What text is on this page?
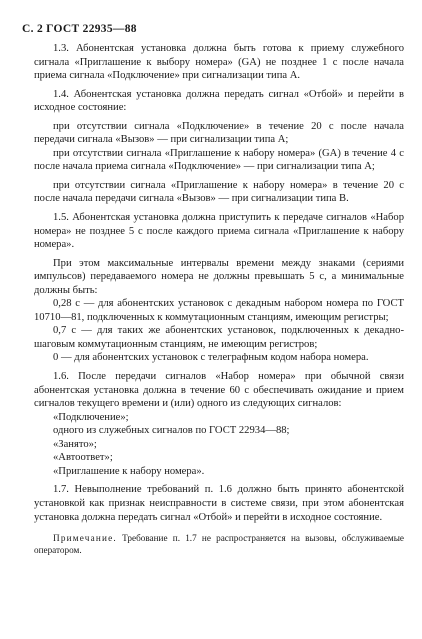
С. 2 ГОСТ 22935—88

1.3. Абонентская установка должна быть готова к приему служебного сигнала «Приглашение к выбору номера» (GA) не позднее 1 с после начала приема сигнала «Подключение» при сигнализации типа А.

1.4. Абонентская установка должна передать сигнал «Отбой» и перейти в исходное состояние:

при отсутствии сигнала «Подключение» в течение 20 с после начала передачи сигнала «Вызов» — при сигнализации типа А;

при отсутствии сигнала «Приглашение к набору номера» (GA) в течение 4 с после начала приема сигнала «Подключение» — при сигнализации типа А;

при отсутствии сигнала «Приглашение к набору номера» в течение 20 с после начала передачи сигнала «Вызов» — при сигнализации типа В.

1.5. Абонентская установка должна приступить к передаче сигналов «Набор номера» не позднее 5 с после каждого приема сигнала «Приглашение к набору номера».

При этом максимальные интервалы времени между знаками (сериями импульсов) передаваемого номера не должны превышать 5 с, а минимальные должны быть:

0,28 с — для абонентских установок с декадным набором номера по ГОСТ 10710—81, подключенных к коммутационным станциям, имеющим регистры;

0,7 с — для таких же абонентских установок, подключенных к декадно-шаговым коммутационным станциям, не имеющим регистров;

0 — для абонентских установок с телеграфным кодом набора номера.

1.6. После передачи сигналов «Набор номера» при обычной связи абонентская установка должна в течение 60 с обеспечивать ожидание и прием сигналов текущего времени и (или) одного из следующих сигналов:

«Подключение»;

одного из служебных сигналов по ГОСТ 22934—88;

«Занято»;

«Автоответ»;

«Приглашение к набору номера».

1.7. Невыполнение требований п. 1.6 должно быть принято абонентской установкой как признак неисправности в системе связи, при этом абонентская установка должна передать сигнал «Отбой» и перейти в исходное состояние.

Примечание. Требование п. 1.7 не распространяется на вызовы, обслуживаемые оператором.
